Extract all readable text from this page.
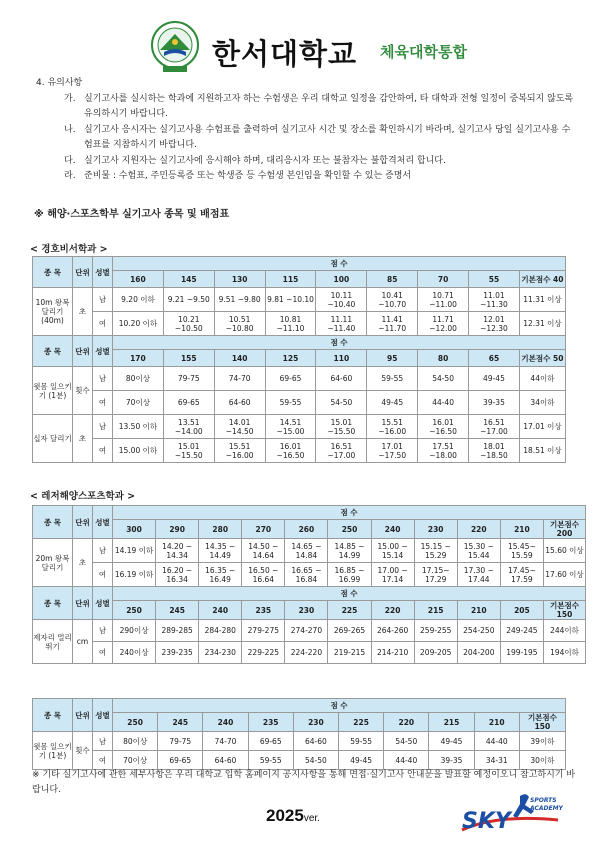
한서대학교 체육대학통합
4. 유의사항
가. 실기고사를 실시하는 학과에 지원하고자 하는 수험생은 우리 대학교 일정을 감안하여, 타 대학과 전형 일정이 중복되지 않도록 유의하시기 바랍니다.
나. 실기고사 응시자는 실기고사용 수험표를 출력하여 실기고사 시간 및 장소를 확인하시기 바라며, 실기고사 당일 실기고사용 수험표를 지참하시기 바랍니다.
다. 실기고사 지원자는 실기고사에 응시해야 하며, 대리응시자 또는 불참자는 불합격처리 합니다.
라. 준비물 : 수험표, 주민등록증 또는 학생증 등 수험생 본인임을 확인할 수 있는 증명서
※ 해양·스포츠학부 실기고사 종목 및 배점표
< 경호비서학과 >
종 목	단위	성별	점 수								
			160	145	130	115	100	85	70	55	기본점수 40
10m 왕복 달리기 (40m)	초	남	9.20 이하	9.21 ~9.50	9.51 ~9.80	9.81 ~10.10	10.11 ~10.40	10.41 ~10.70	10.71 ~11.00	11.01 ~11.30	11.31 이상
		여	10.20 이하	10.21 ~10.50	10.51 ~10.80	10.81 ~11.10	11.11 ~11.40	11.41 ~11.70	11.71 ~12.00	12.01 ~12.30	12.31 이상
종 목	단위	성별	점 수								
			170	155	140	125	110	95	80	65	기본점수 50
윗몸 일으키기 (1분)	횟수	남	80이상	79-75	74-70	69-65	64-60	59-55	54-50	49-45	44이하
		여	70이상	69-65	64-60	59-55	54-50	49-45	44-40	39-35	34이하
십자 달리기	초	남	13.50 이하	13.51 ~14.00	14.01 ~14.50	14.51 ~15.00	15.01 ~15.50	15.51 ~16.00	16.01 ~16.50	16.51 ~17.00	17.01 이상
		여	15.00 이하	15.01 ~15.50	15.51 ~16.00	16.01 ~16.50	16.51 ~17.00	17.01 ~17.50	17.51 ~18.00	18.01 ~18.50	18.51 이상
< 레저해양스포츠학과 >
종 목	단위	성별	점 수										
			300	290	280	270	260	250	240	230	220	210	기본점수 200
20m 왕복 달리기	초	남	14.19 이하	14.20 ~ 14.34	14.35 ~ 14.49	14.50 ~ 14.64	14.65 ~ 14.84	14.85 ~ 14.99	15.00 ~ 15.14	15.15 ~ 15.29	15.30 ~ 15.44	15.45~ 15.59	15.60 이상
		여	16.19 이하	16.20 ~ 16.34	16.35 ~ 16.49	16.50 ~ 16.64	16.65 ~ 16.84	16.85 ~ 16.99	17.00 ~ 17.14	17.15~ 17.29	17.30 ~ 17.44	17.45~ 17.59	17.60 이상
종 목	단위	성별	점 수										
			250	245	240	235	230	225	220	215	210	205	기본점수 150
제자리 멀리뛰기	cm	남	290이상	289-285	284-280	279-275	274-270	269-265	264-260	259-255	254-250	249-245	244이하
		여	240이상	239-235	234-230	229-225	224-220	219-215	214-210	209-205	204-200	199-195	194이하
종 목	단위	성별	점 수									
			250	245	240	235	230	225	220	215	210	기본점수 150
윗몸 일으키기 (1분)	횟수	남	80이상	79-75	74-70	69-65	64-60	59-55	54-50	49-45	44-40	39이하
		여	70이상	69-65	64-60	59-55	54-50	49-45	44-40	39-35	34-31	30이하
※ 기타 실기고사에 관한 세부사항은 우리 대학교 입학 홈페이지 공지사항을 통해 면접·실기고사 안내문을 발표할 예정이오니 참고하시기 바랍니다.
2025ver.	SKY
SPORTS
ACADEMY
